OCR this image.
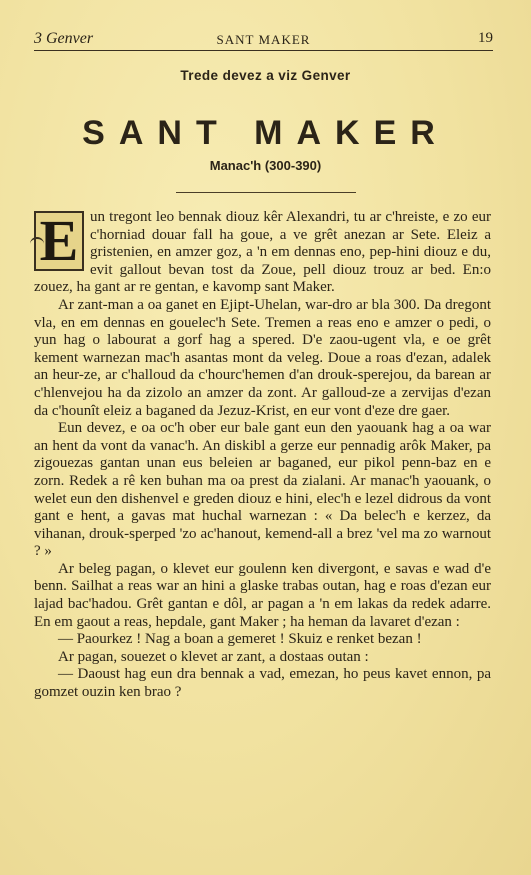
3 Genver	SANT MAKER	19
Trede devez a viz Genver
SANT MAKER
Manac'h (300-390)

E un tregont leo bennak diouz kêr Alexandri, tu ar c'hreiste, e zo eur c'horniad douar fall ha goue, a ve grêt anezan ar Sete. Eleiz a gristenien, en amzer goz, a 'n em dennas eno, pep-hini diouz e du, evit gallout bevan tost da Zoue, pell diouz trouz ar bed. En:o zouez, ha gant ar re gentan, e kavomp sant Maker.

Ar zant-man a oa ganet en Ejipt-Uhelan, war-dro ar bla 300. Da dregont vla, en em dennas en gouelec'h Sete. Tremen a reas eno e amzer o pedi, o yun hag o labourat a gorf hag a spered. D'e zaou-ugent vla, e oe grêt kement warnezan mac'h asantas mont da veleg. Doue a roas d'ezan, adalek an heur-ze, ar c'halloud da c'hourc'hemen d'an drouk-sperejou, da barean ar c'hlenvejou ha da zizolo an amzer da zont. Ar galloud-ze a zervijas d'ezan da c'hounît eleiz a baganed da Jezuz-Krist, en eur vont d'eze dre gaer.

Eun devez, e oa oc'h ober eur bale gant eun den yaouank hag a oa war an hent da vont da vanac'h. An diskibl a gerze eur pennadig arôk Maker, pa zigouezas gantan unan eus beleien ar baganed, eur pikol penn-baz en e zorn. Redek a rê ken buhan ma oa prest da zialani. Ar manac'h yaouank, o welet eun den dishenvel e greden diouz e hini, elec'h e lezel didrous da vont gant e hent, a gavas mat huchal warnezan : « Da belec'h e kerzez, da vihanan, drouk-sperped 'zo ac'hanout, kemend-all a brez 'vel ma zo warnout ? »

Ar beleg pagan, o klevet eur goulenn ken divergont, e savas e wad d'e benn. Sailhat a reas war an hini a glaske trabas outan, hag e roas d'ezan eur lajad bac'hadou. Grêt gantan e dôl, ar pagan a 'n em lakas da redek adarre. En em gaout a reas, hepdale, gant Maker ; ha heman da lavaret d'ezan :

— Paourkez ! Nag a boan a gemeret ! Skuiz e renket bezan !

Ar pagan, souezet o klevet ar zant, a dostaas outan :

— Daoust hag eun dra bennak a vad, emezan, ho peus kavet ennon, pa gomzet ouzin ken brao ?
